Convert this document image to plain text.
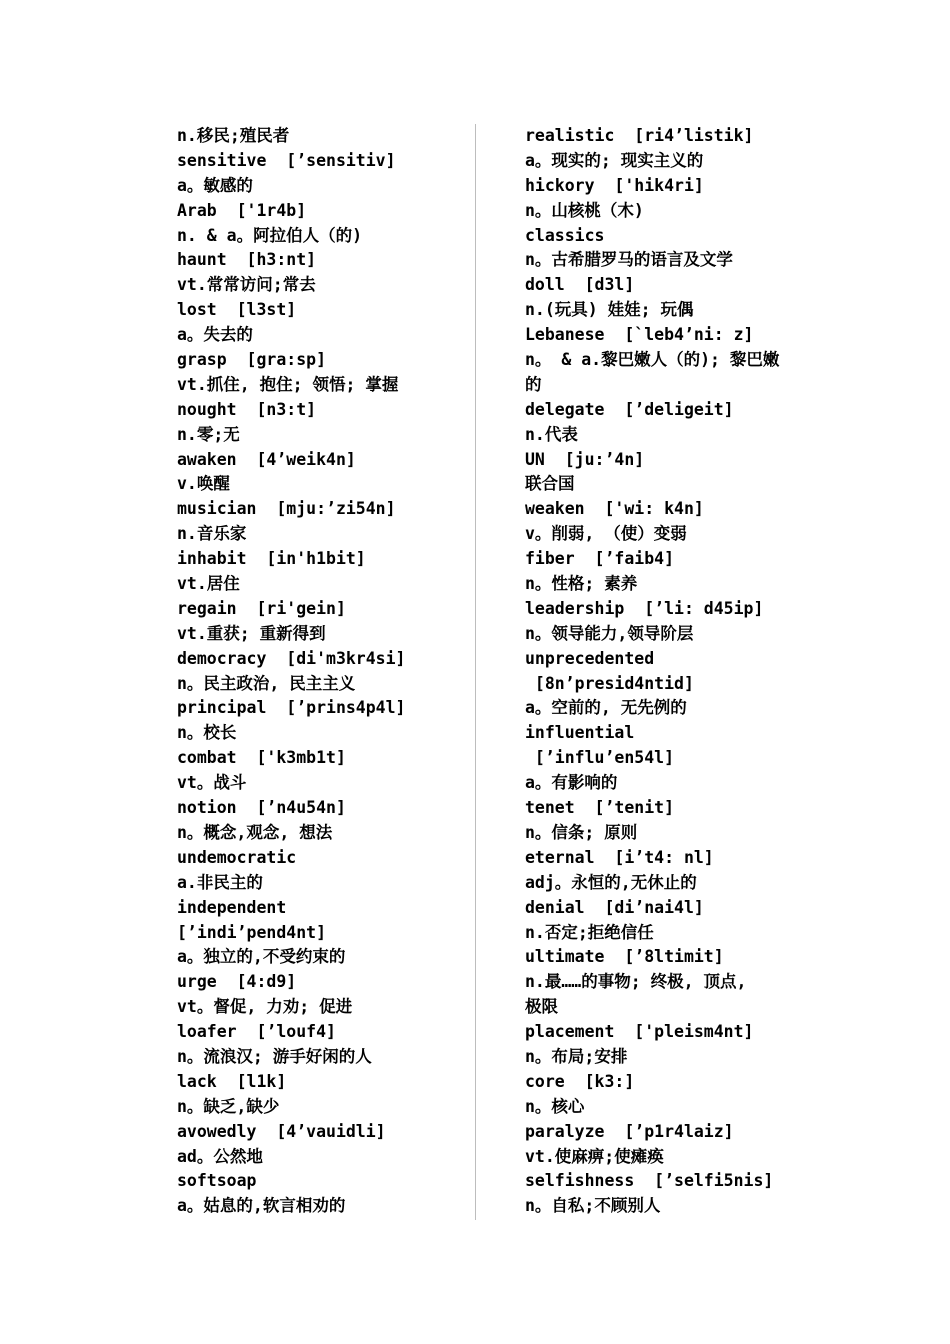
n.移民;殖民者
sensitive  [’sensitiv]
a。敏感的
Arab  ['1r4b]
n. & a。阿拉伯人（的)
haunt  [h3:nt]
vt.常常访问;常去
lost  [l3st]
a。失去的
grasp  [gra:sp]
vt.抓住, 抱住; 领悟; 掌握
nought  [n3:t]
n.零;无
awaken  [4’weik4n]
v.唤醒
musician  [mju:’zi54n]
n.音乐家
inhabit  [in'h1bit]
vt.居住
regain  [ri'gein]
vt.重获; 重新得到
democracy  [di'm3kr4si]
n。民主政治, 民主主义
principal  [’prins4p4l]
n。校长
combat  ['k3mb1t]
vt。战斗
notion  [’n4u54n]
n。概念,观念, 想法
undemocratic
a.非民主的
independent
[’indi’pend4nt]
a。独立的,不受约束的
urge  [4:d9]
vt。督促, 力劝; 促进
loafer  [’louf4]
n。流浪汉; 游手好闲的人
lack  [l1k]
n。缺乏,缺少
avowedly  [4’vauidli]
ad。公然地
softsoap
a。姑息的,软言相劝的
realistic  [ri4’listik]
a。现实的; 现实主义的
hickory  ['hik4ri]
n。山核桃（木)
classics
n。古希腊罗马的语言及文学
doll  [d3l]
n.(玩具) 娃娃; 玩偶
Lebanese  [`leb4’ni: z]
n。 & a.黎巴嫩人（的); 黎巴嫩
的
delegate  [’deligeit]
n.代表
UN  [ju:’4n]
联合国
weaken  ['wi: k4n]
v。削弱, （使）变弱
fiber  [’faib4]
n。性格; 素养
leadership  [’li: d45ip]
n。领导能力,领导阶层
unprecedented
[8n’presid4ntid]
a。空前的, 无先例的
influential
[’influ’en54l]
a。有影响的
tenet  [’tenit]
n。信条; 原则
eternal  [i’t4: nl]
adj。永恒的,无休止的
denial  [di’nai4l]
n.否定;拒绝信任
ultimate  [’8ltimit]
n.最……的事物; 终极, 顶点,
极限
placement  ['pleism4nt]
n。布局;安排
core  [k3:]
n。核心
paralyze  [’p1r4laiz]
vt.使麻痹;使瘫痪
selfishness  [’selfi5nis]
n。自私;不顾别人
